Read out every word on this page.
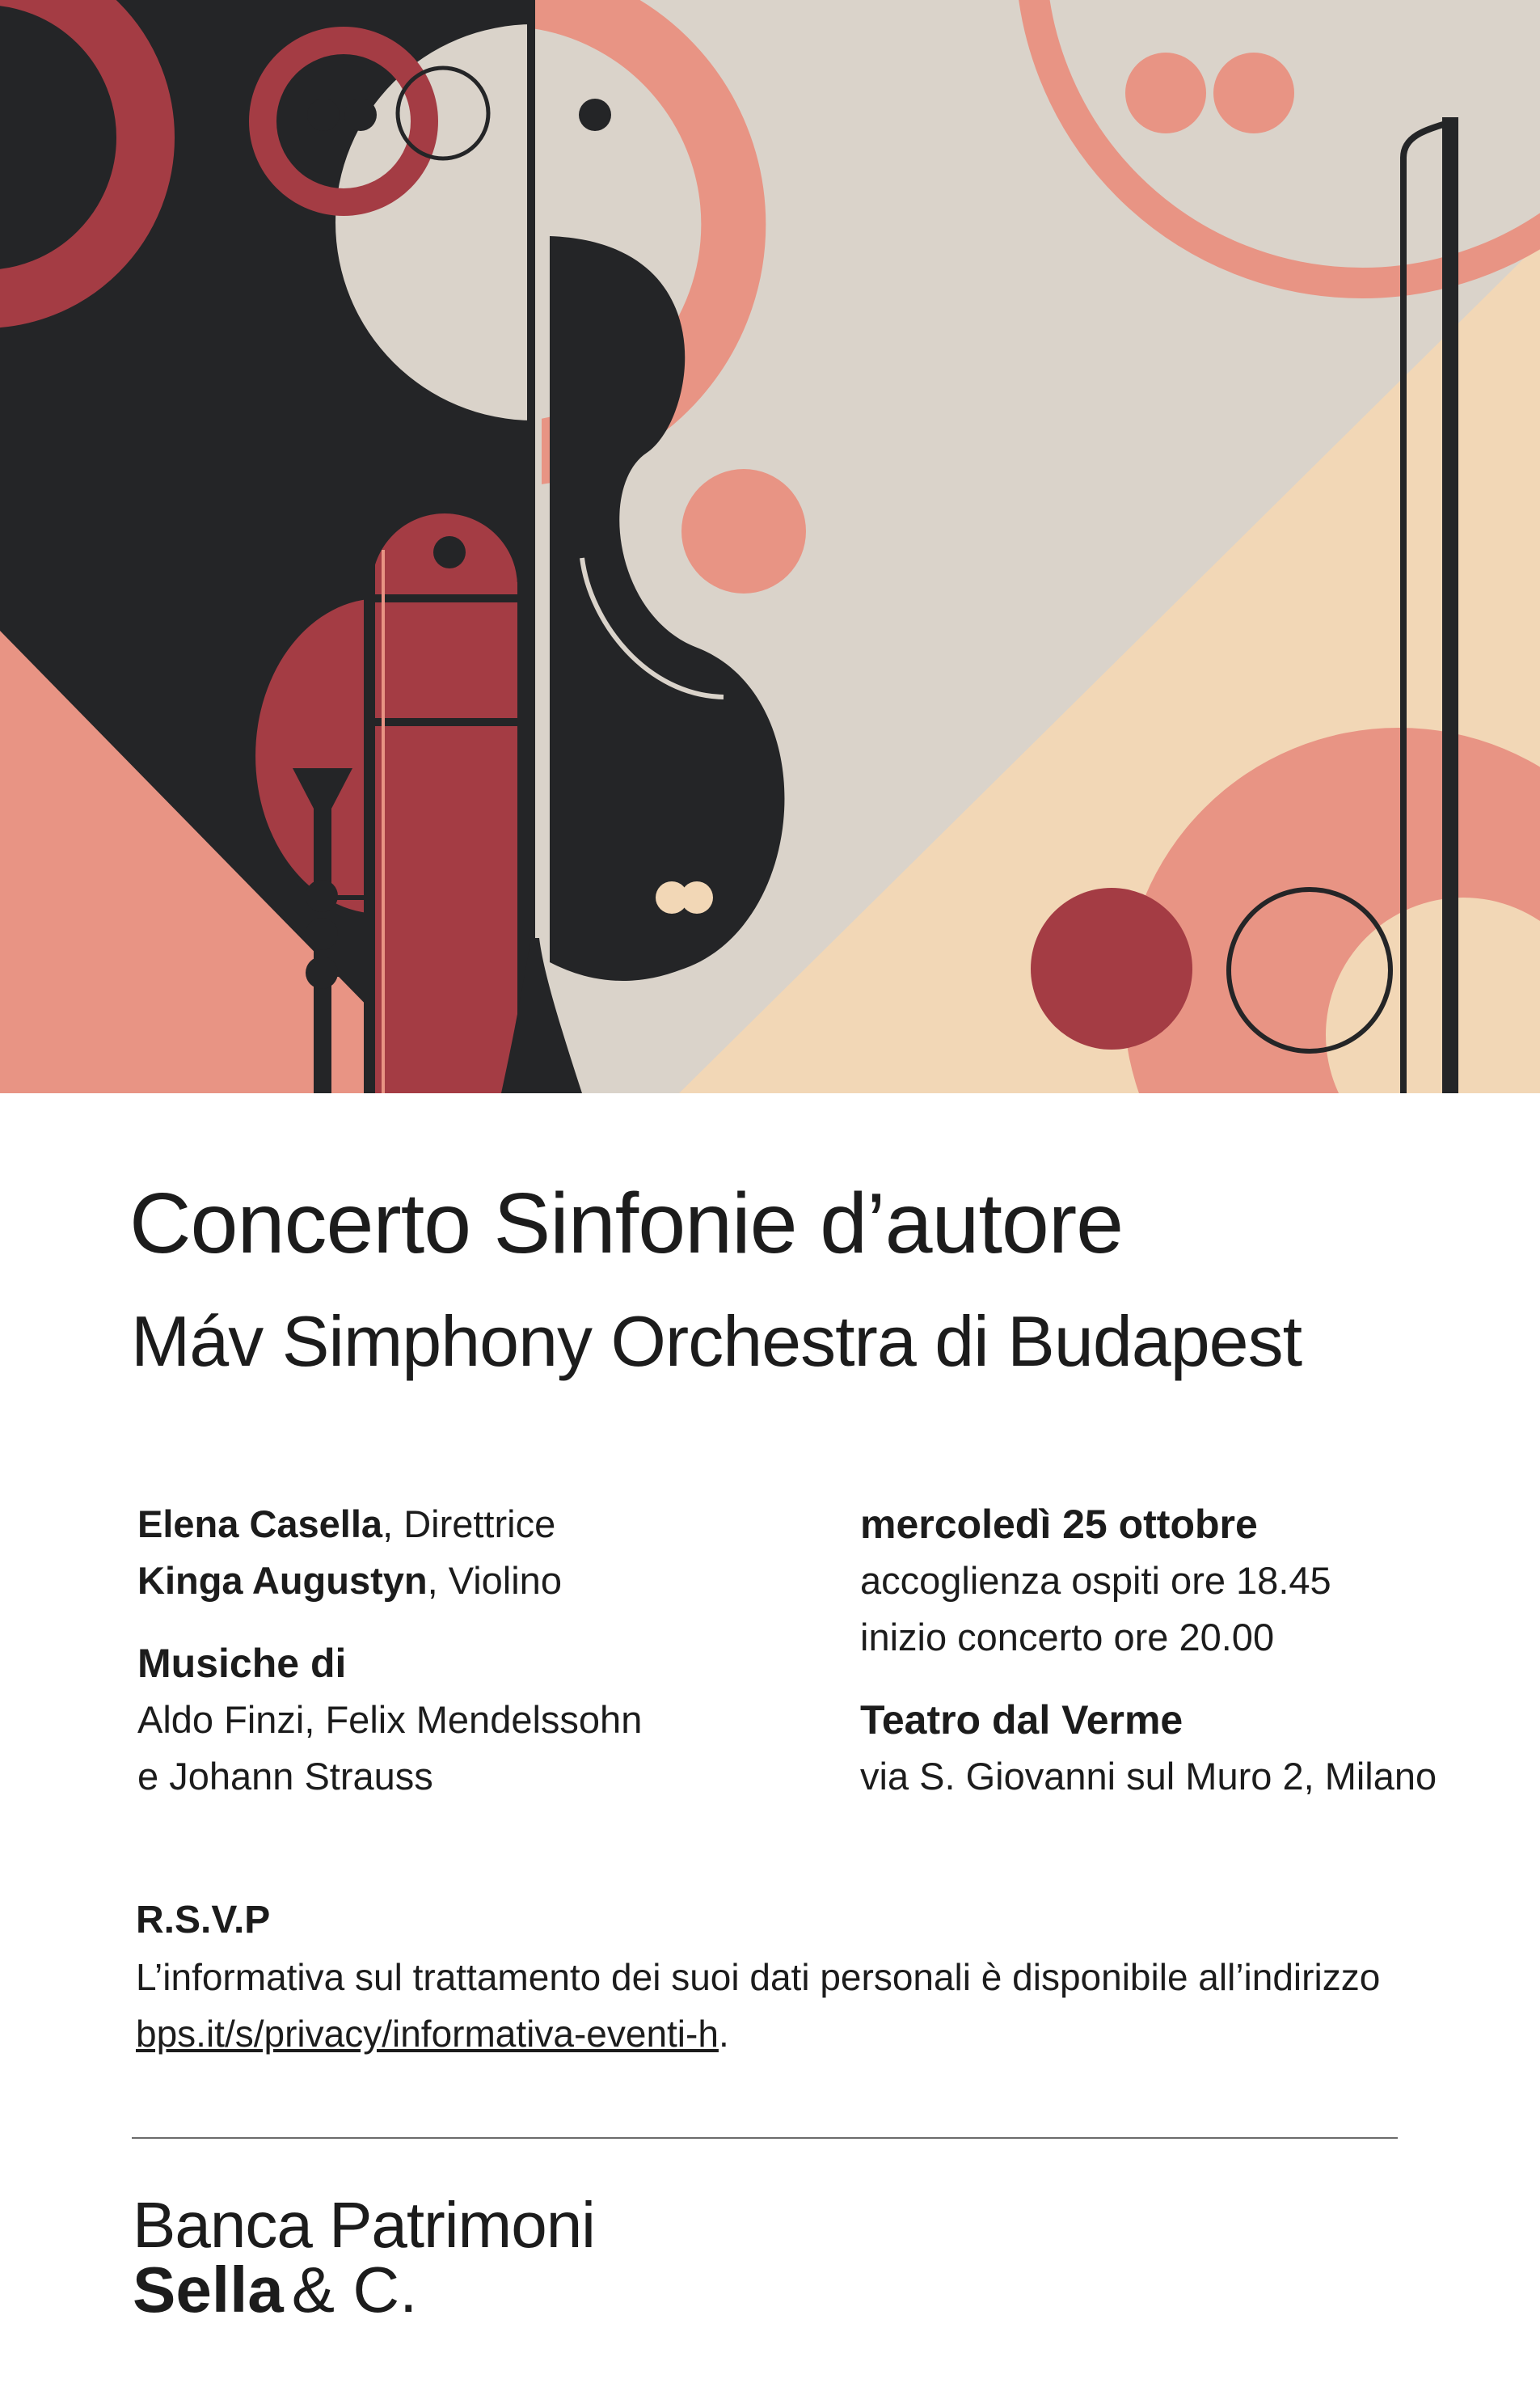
Concerto Sinfonie d’autore
Máv Simphony Orchestra di Budapest

Elena Casella, Direttrice

Kinga Augustyn, Violino

Musiche di

Aldo Finzi, Felix Mendelssohn

e Johann Strauss

mercoledì 25 ottobre

accoglienza ospiti ore 18.45

inizio concerto ore 20.00

Teatro dal Verme

via S. Giovanni sul Muro 2, Milano

R.S.V.P

L’informativa sul trattamento dei suoi dati personali è disponibile all’indirizzo

bps.it/s/privacy/informativa-eventi-h.

Banca Patrimoni
Sella & C.
